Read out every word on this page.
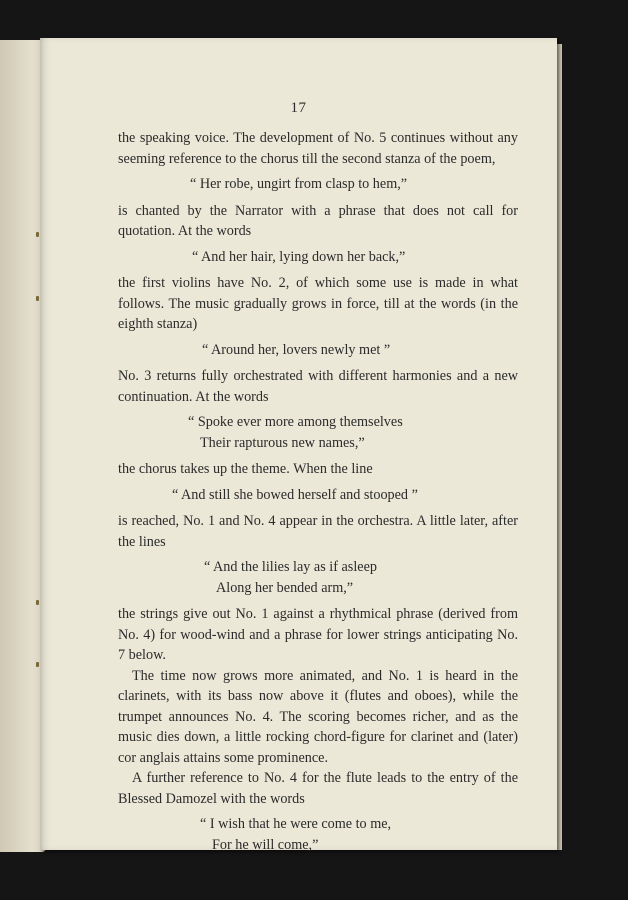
17

the speaking voice. The development of No. 5 continues without any seeming reference to the chorus till the second stanza of the poem,

“ Her robe, ungirt from clasp to hem,”

is chanted by the Narrator with a phrase that does not call for quotation. At the words

“ And her hair, lying down her back,”

the first violins have No. 2, of which some use is made in what follows. The music gradually grows in force, till at the words (in the eighth stanza)

“ Around her, lovers newly met ”

No. 3 returns fully orchestrated with different harmonies and a new continuation. At the words

“ Spoke ever more among themselves
Their rapturous new names,”

the chorus takes up the theme. When the line

“ And still she bowed herself and stooped ”

is reached, No. 1 and No. 4 appear in the orchestra. A little later, after the lines

“ And the lilies lay as if asleep
Along her bended arm,”

the strings give out No. 1 against a rhythmical phrase (derived from No. 4) for wood-wind and a phrase for lower strings anticipating No. 7 below.

The time now grows more animated, and No. 1 is heard in the clarinets, with its bass now above it (flutes and oboes), while the trumpet announces No. 4. The scoring becomes richer, and as the music dies down, a little rocking chord-figure for clarinet and (later) cor anglais attains some prominence.

A further reference to No. 4 for the flute leads to the entry of the Blessed Damozel with the words

“ I wish that he were come to me,
For he will come,”
